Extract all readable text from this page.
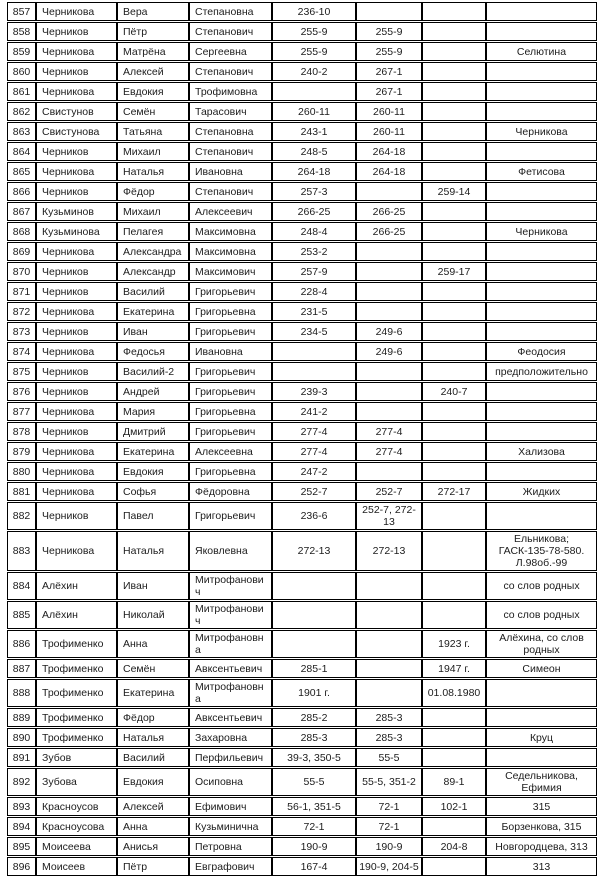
857	Черникова	Вера	Степановна	236-10			
858	Черников	Пётр	Степанович	255-9	255-9		
859	Черникова	Матрёна	Сергеевна	255-9	255-9		Селютина
860	Черников	Алексей	Степанович	240-2	267-1		
861	Черникова	Евдокия	Трофимовна		267-1		
862	Свистунов	Семён	Тарасович	260-11	260-11		
863	Свистунова	Татьяна	Степановна	243-1	260-11		Черникова
864	Черников	Михаил	Степанович	248-5	264-18		
865	Черникова	Наталья	Ивановна	264-18	264-18		Фетисова
866	Черников	Фёдор	Степанович	257-3		259-14	
867	Кузьминов	Михаил	Алексеевич	266-25	266-25		
868	Кузьминова	Пелагея	Максимовна	248-4	266-25		Черникова
869	Черникова	Александра	Максимовна	253-2			
870	Черников	Александр	Максимович	257-9		259-17	
871	Черников	Василий	Григорьевич	228-4			
872	Черникова	Екатерина	Григорьевна	231-5			
873	Черников	Иван	Григорьевич	234-5	249-6		
874	Черникова	Федосья	Ивановна		249-6		Феодосия
875	Черников	Василий-2	Григорьевич				предположительно
876	Черников	Андрей	Григорьевич	239-3		240-7	
877	Черникова	Мария	Григорьевна	241-2			
878	Черников	Дмитрий	Григорьевич	277-4	277-4		
879	Черникова	Екатерина	Алексеевна	277-4	277-4		Хализова
880	Черникова	Евдокия	Григорьевна	247-2			
881	Черникова	Софья	Фёдоровна	252-7	252-7	272-17	Жидких
882	Черников	Павел	Григорьевич	236-6	252-7, 272-13		
883	Черникова	Наталья	Яковлевна	272-13	272-13		Ельникова; ГАСК-135-78-580. Л.98об.-99
884	Алёхин	Иван	Митрофанович				со слов родных
885	Алёхин	Николай	Митрофанович				со слов родных
886	Трофименко	Анна	Митрофановна			1923 г.	Алёхина, со слов родных
887	Трофименко	Семён	Авксентьевич	285-1		1947 г.	Симеон
888	Трофименко	Екатерина	Митрофановна	1901 г.		01.08.1980	
889	Трофименко	Фёдор	Авксентьевич	285-2	285-3		
890	Трофименко	Наталья	Захаровна	285-3	285-3		Круц
891	Зубов	Василий	Перфильевич	39-3, 350-5	55-5		
892	Зубова	Евдокия	Осиповна	55-5	55-5, 351-2	89-1	Седельникова, Ефимия
893	Красноусов	Алексей	Ефимович	56-1, 351-5	72-1	102-1	315
894	Красноусова	Анна	Кузьминична	72-1	72-1		Борзенкова, 315
895	Моисеева	Анисья	Петровна	190-9	190-9	204-8	Новгородцева, 313
896	Моисеев	Пётр	Евграфович	167-4	190-9, 204-5		313
